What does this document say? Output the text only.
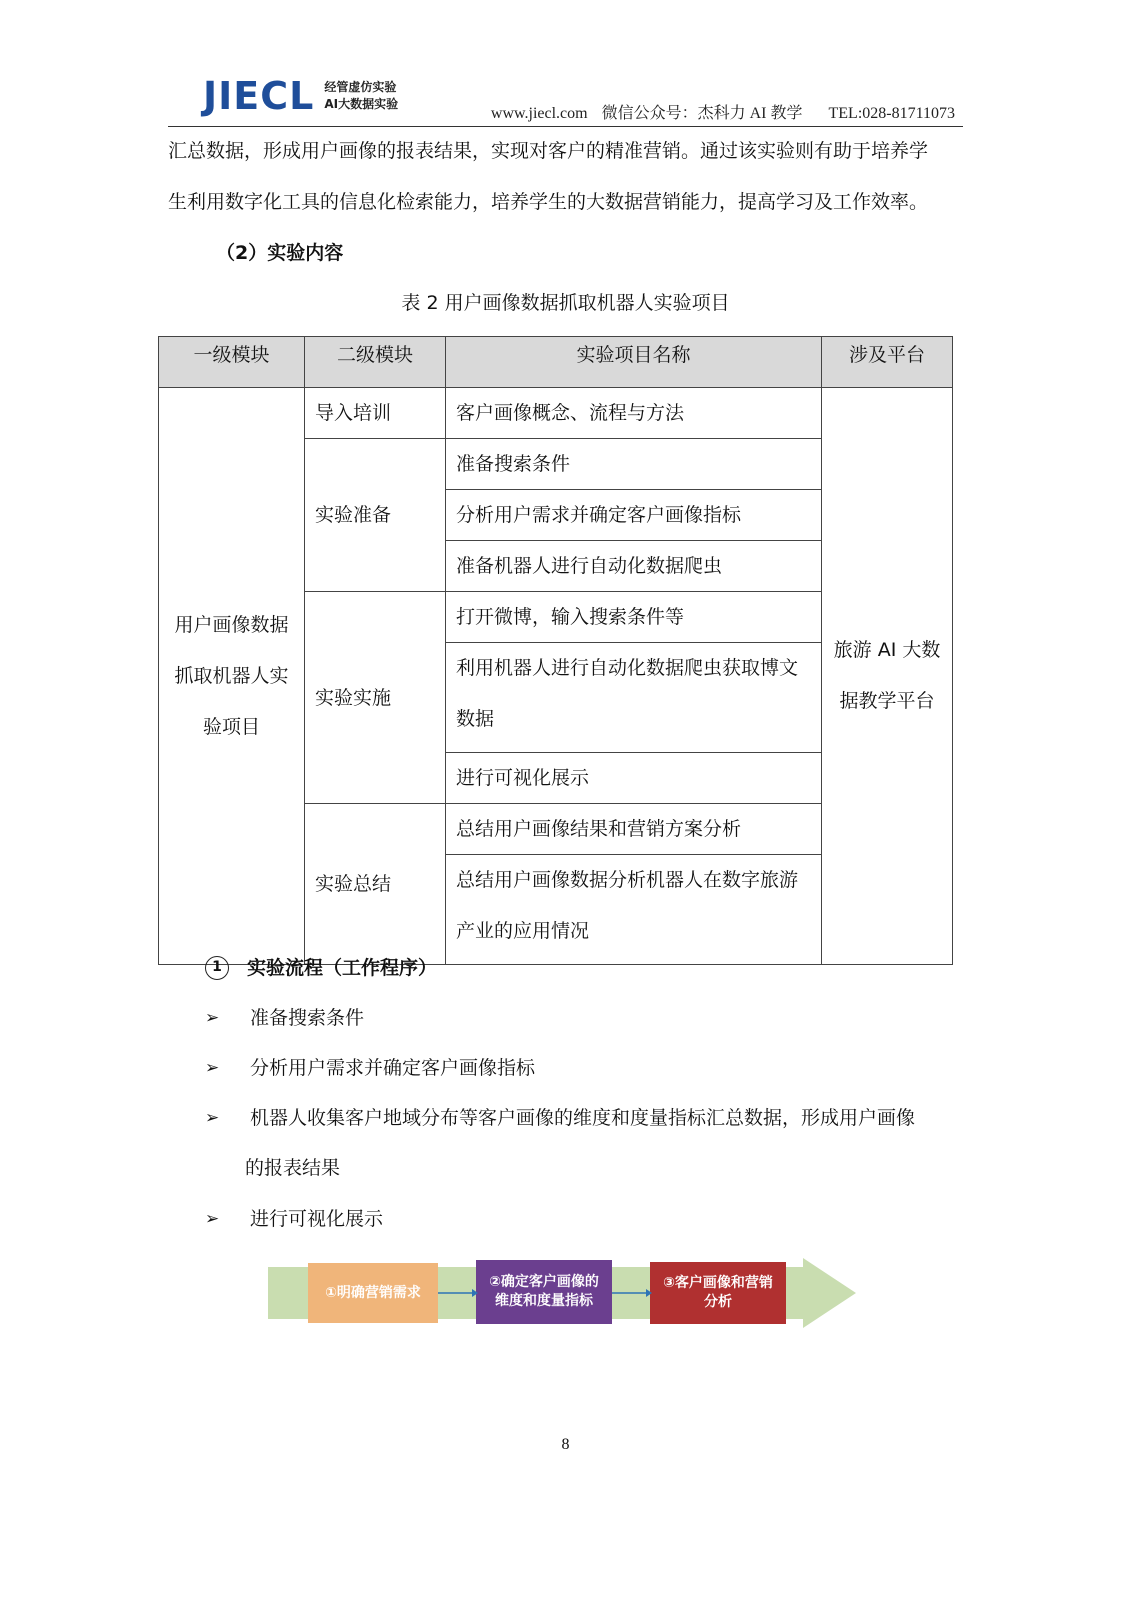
JIECL 经管虚仿实验
AI大数据实验
www.jiecl.com 微信公众号：杰科力 AI 教学 TEL:028-81711073
汇总数据，形成用户画像的报表结果，实现对客户的精准营销。通过该实验则有助于培养学
生利用数字化工具的信息化检索能力，培养学生的大数据营销能力，提高学习及工作效率。
（2）实验内容
表 2 用户画像数据抓取机器人实验项目
一级模块	二级模块	实验项目名称	涉及平台
用户画像数据抓取机器人实验项目	导入培训	客户画像概念、流程与方法	旅游 AI 大数据教学平台
	实验准备	准备搜索条件	
		分析用户需求并确定客户画像指标	
		准备机器人进行自动化数据爬虫	
	实验实施	打开微博，输入搜索条件等	
		利用机器人进行自动化数据爬虫获取博文数据	
		进行可视化展示	
	实验总结	总结用户画像结果和营销方案分析	
		总结用户画像数据分析机器人在数字旅游产业的应用情况	
1	实验流程（工作程序）
➢ 准备搜索条件
➢ 分析用户需求并确定客户画像指标
➢ 机器人收集客户地域分布等客户画像的维度和度量指标汇总数据，形成用户画像
的报表结果
➢ 进行可视化展示
①明确营销需求
②确定客户画像的维度和度量指标
③客户画像和营销分析
8
